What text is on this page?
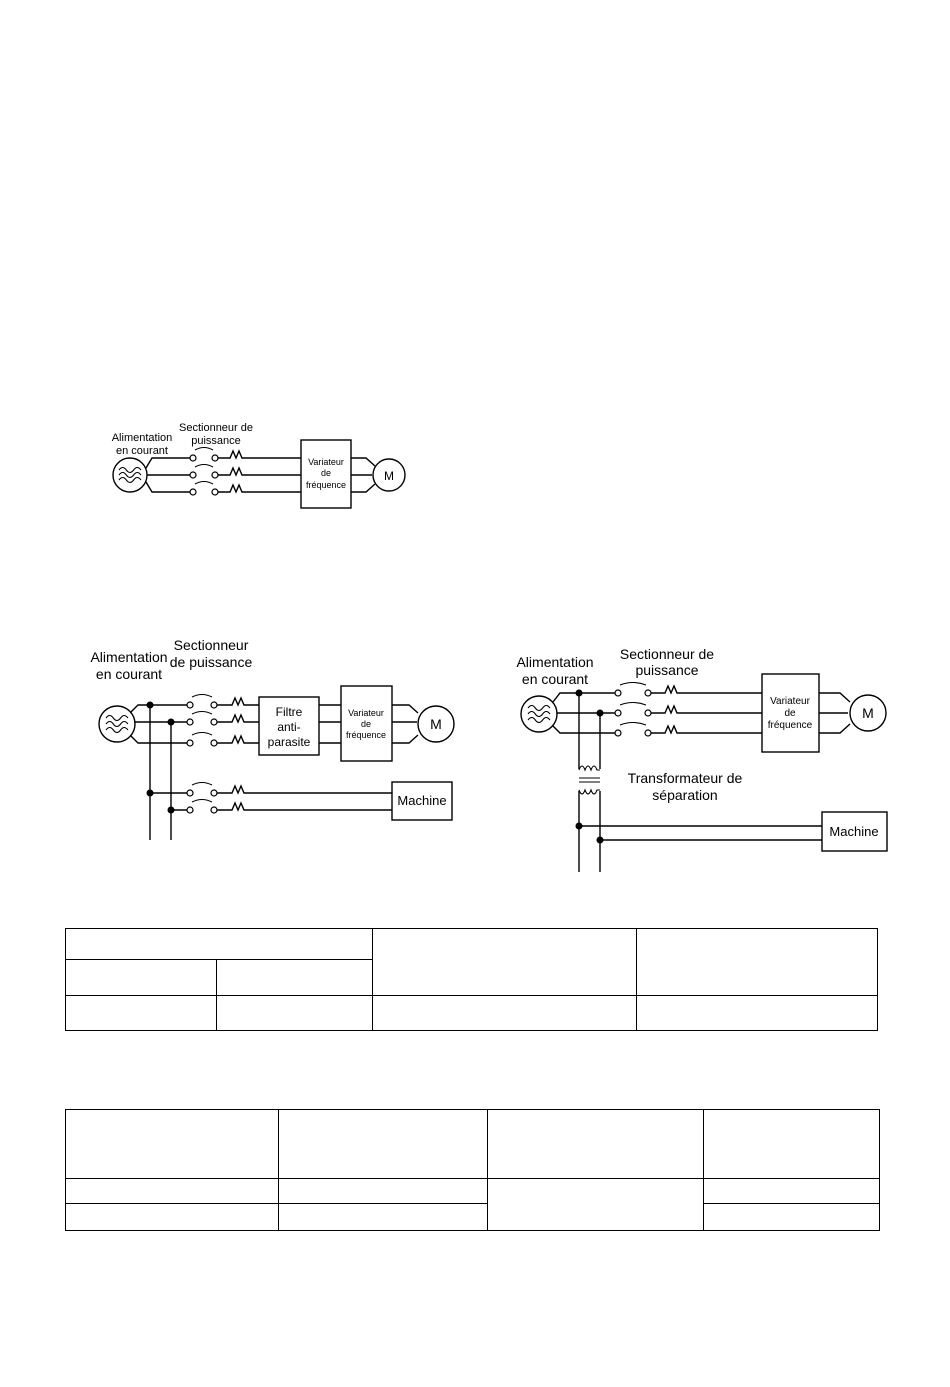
Alimentation
en courant
Sectionneur de
puissance
Variateur
de
fréquence
M
Alimentation
en courant
Sectionneur
de puissance
Filtre
anti-
parasite
Variateur
de
fréquence
M
Machine
Alimentation
en courant
Sectionneur de
puissance
Transformateur de
séparation
Machine
Variateur
de
fréquence
M
